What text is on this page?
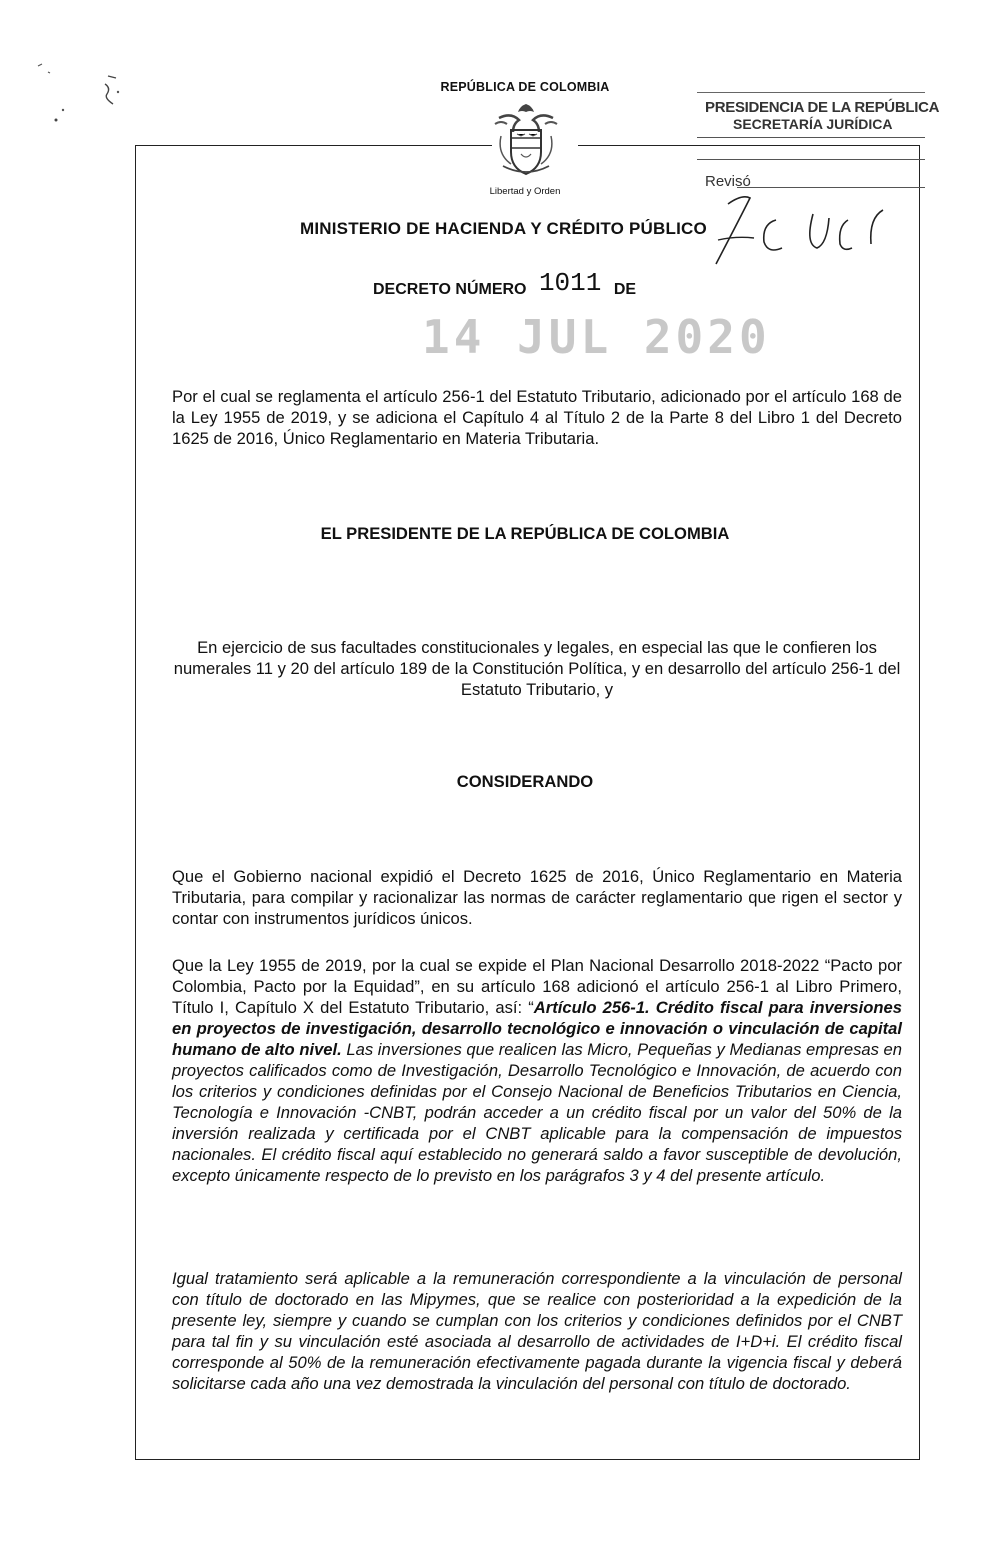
REPÚBLICA DE COLOMBIA
Libertad y Orden
MINISTERIO DE HACIENDA Y CRÉDITO PÚBLICO
DECRETO NÚMERO 1011 DE
14 JUL 2020
PRESIDENCIA DE LA REPÚBLICA
SECRETARÍA JURÍDICA
Revisó
Por el cual se reglamenta el artículo 256-1 del Estatuto Tributario, adicionado por el artículo 168 de la Ley 1955 de 2019, y se adiciona el Capítulo 4 al Título 2 de la Parte 8 del Libro 1 del Decreto 1625 de 2016, Único Reglamentario en Materia Tributaria.
EL PRESIDENTE DE LA REPÚBLICA DE COLOMBIA
En ejercicio de sus facultades constitucionales y legales, en especial las que le confieren los numerales 11 y 20 del artículo 189 de la Constitución Política, y en desarrollo del artículo 256-1 del Estatuto Tributario, y
CONSIDERANDO
Que el Gobierno nacional expidió el Decreto 1625 de 2016, Único Reglamentario en Materia Tributaria, para compilar y racionalizar las normas de carácter reglamentario que rigen el sector y contar con instrumentos jurídicos únicos.
Que la Ley 1955 de 2019, por la cual se expide el Plan Nacional Desarrollo 2018-2022 “Pacto por Colombia, Pacto por la Equidad”, en su artículo 168 adicionó el artículo 256-1 al Libro Primero, Título I, Capítulo X del Estatuto Tributario, así: “Artículo 256-1. Crédito fiscal para inversiones en proyectos de investigación, desarrollo tecnológico e innovación o vinculación de capital humano de alto nivel. Las inversiones que realicen las Micro, Pequeñas y Medianas empresas en proyectos calificados como de Investigación, Desarrollo Tecnológico e Innovación, de acuerdo con los criterios y condiciones definidas por el Consejo Nacional de Beneficios Tributarios en Ciencia, Tecnología e Innovación -CNBT, podrán acceder a un crédito fiscal por un valor del 50% de la inversión realizada y certificada por el CNBT aplicable para la compensación de impuestos nacionales. El crédito fiscal aquí establecido no generará saldo a favor susceptible de devolución, excepto únicamente respecto de lo previsto en los parágrafos 3 y 4 del presente artículo.
Igual tratamiento será aplicable a la remuneración correspondiente a la vinculación de personal con título de doctorado en las Mipymes, que se realice con posterioridad a la expedición de la presente ley, siempre y cuando se cumplan con los criterios y condiciones definidos por el CNBT para tal fin y su vinculación esté asociada al desarrollo de actividades de I+D+i. El crédito fiscal corresponde al 50% de la remuneración efectivamente pagada durante la vigencia fiscal y deberá solicitarse cada año una vez demostrada la vinculación del personal con título de doctorado.
